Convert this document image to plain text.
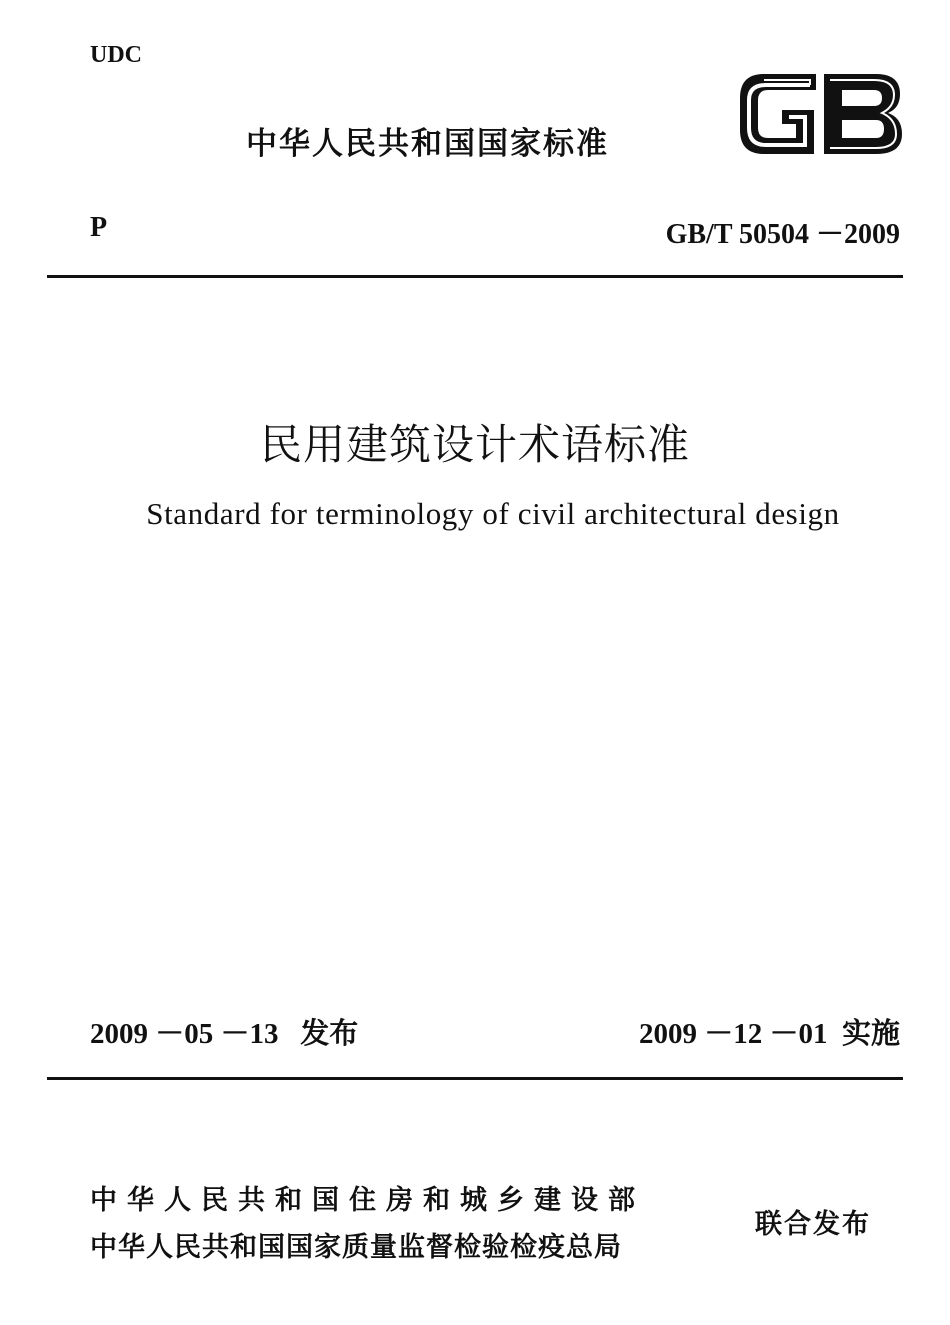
UDC
中华人民共和国国家标准
P	GB/T 50504 －2009
民用建筑设计术语标准
Standard for terminology of civil architectural design
2009 －05 －13 发布	2009 －12 －01 实施
中华人民共和国住房和城乡建设部
中华人民共和国国家质量监督检验检疫总局
联合发布
